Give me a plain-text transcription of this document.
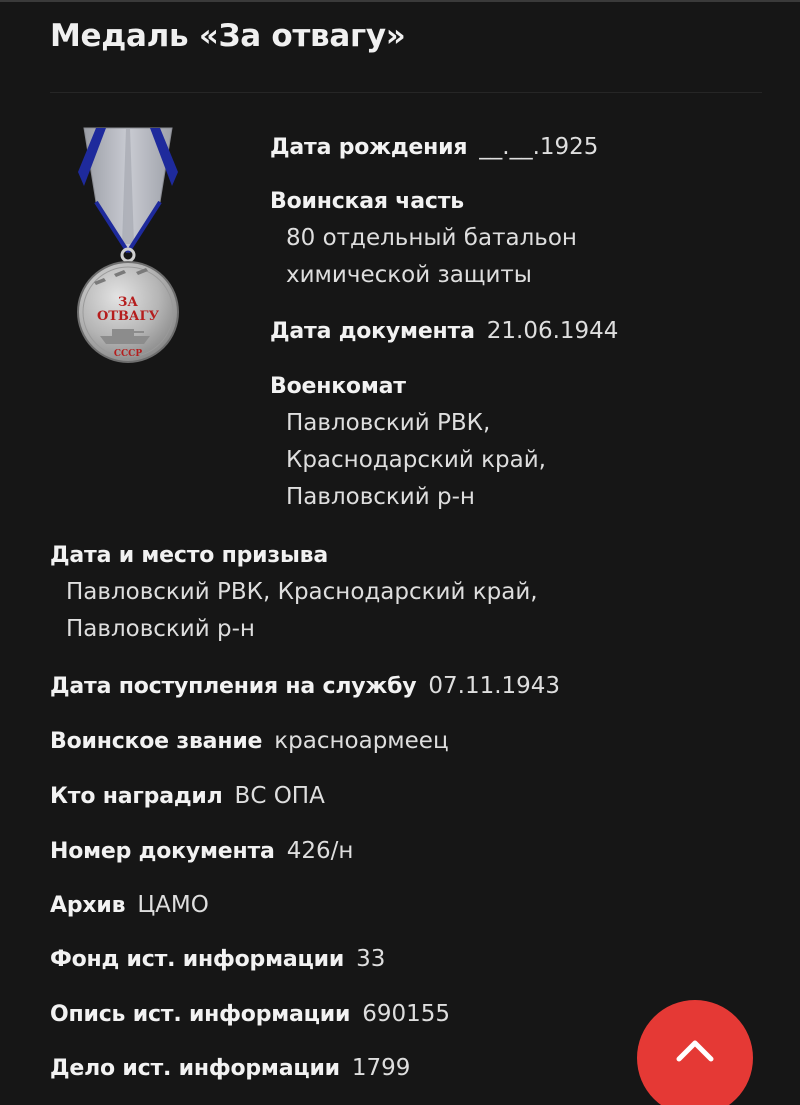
Медаль «За отвагу»
ЗА
ОТВАГУ
СССР
Дата рождения __.__.1925
Воинская часть
80 отдельный батальон
химической защиты
Дата документа 21.06.1944
Военкомат
Павловский РВК,
Краснодарский край,
Павловский р-н
Дата и место призыва
Павловский РВК, Краснодарский край,
Павловский р-н
Дата поступления на службу 07.11.1943
Воинское звание красноармеец
Кто наградил ВС ОПА
Номер документа 426/н
Архив ЦАМО
Фонд ист. информации 33
Опись ист. информации 690155
Дело ист. информации 1799
